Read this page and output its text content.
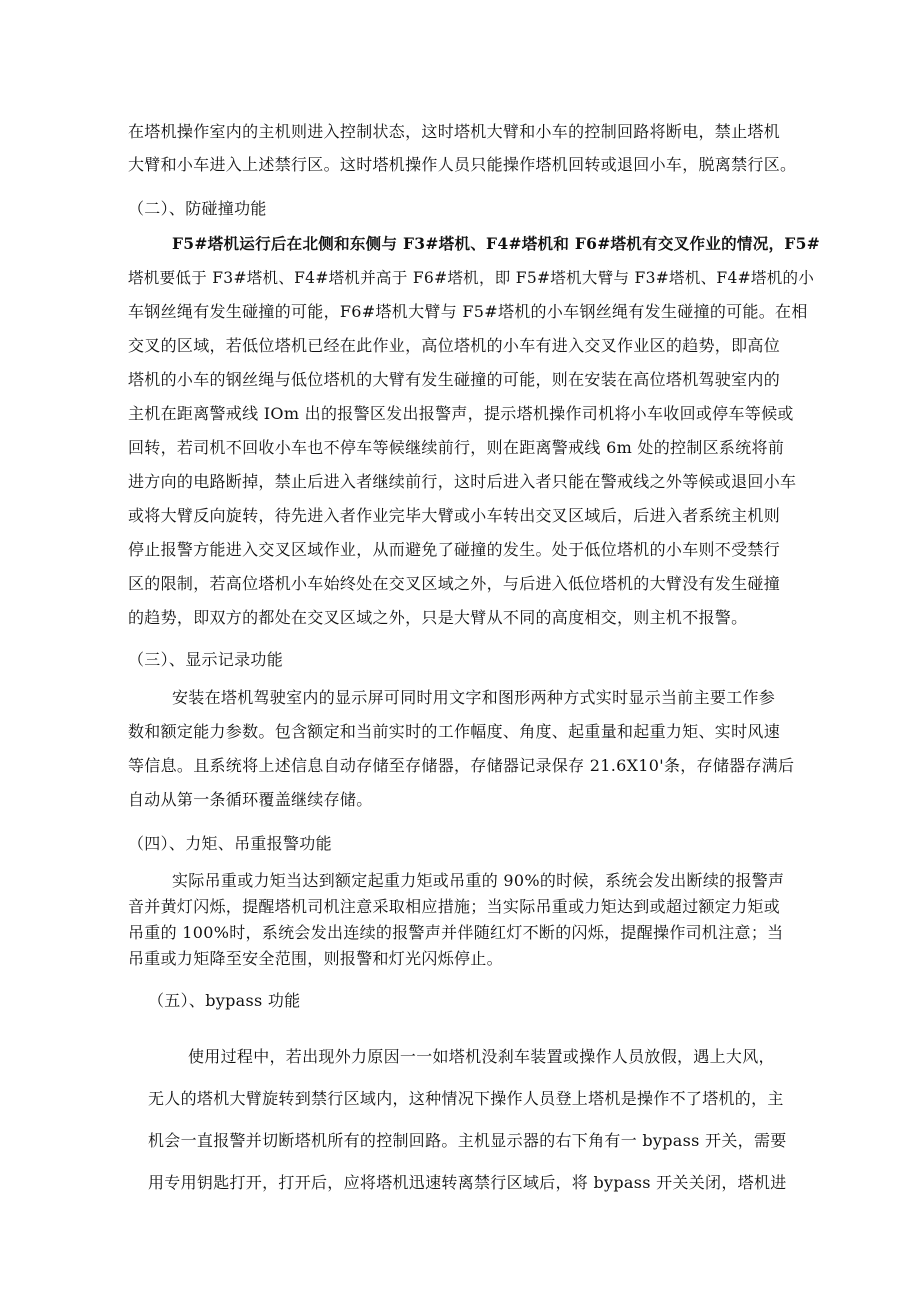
在塔机操作室内的主机则进入控制状态，这时塔机大臂和小车的控制回路将断电，禁止塔机
大臂和小车进入上述禁行区。这时塔机操作人员只能操作塔机回转或退回小车，脱离禁行区。
（二）、防碰撞功能
F5#塔机运行后在北侧和东侧与 F3#塔机、F4#塔机和 F6#塔机有交叉作业的情况，F5#
塔机要低于 F3#塔机、F4#塔机并高于 F6#塔机，即 F5#塔机大臂与 F3#塔机、F4#塔机的小
车钢丝绳有发生碰撞的可能，F6#塔机大臂与 F5#塔机的小车钢丝绳有发生碰撞的可能。在相
交叉的区域，若低位塔机已经在此作业，高位塔机的小车有进入交叉作业区的趋势，即高位
塔机的小车的钢丝绳与低位塔机的大臂有发生碰撞的可能，则在安装在高位塔机驾驶室内的
主机在距离警戒线 IOm 出的报警区发出报警声，提示塔机操作司机将小车收回或停车等候或
回转，若司机不回收小车也不停车等候继续前行，则在距离警戒线 6m 处的控制区系统将前
进方向的电路断掉，禁止后进入者继续前行，这时后进入者只能在警戒线之外等候或退回小车
或将大臂反向旋转，待先进入者作业完毕大臂或小车转出交叉区域后，后进入者系统主机则
停止报警方能进入交叉区域作业，从而避免了碰撞的发生。处于低位塔机的小车则不受禁行
区的限制，若高位塔机小车始终处在交叉区域之外，与后进入低位塔机的大臂没有发生碰撞
的趋势，即双方的都处在交叉区域之外，只是大臂从不同的高度相交，则主机不报警。
（三）、显示记录功能
安装在塔机驾驶室内的显示屏可同时用文字和图形两种方式实时显示当前主要工作参
数和额定能力参数。包含额定和当前实时的工作幅度、角度、起重量和起重力矩、实时风速
等信息。且系统将上述信息自动存储至存储器，存储器记录保存 21.6X10'条，存储器存满后
自动从第一条循环覆盖继续存储。
（四）、力矩、吊重报警功能
实际吊重或力矩当达到额定起重力矩或吊重的 90%的时候，系统会发出断续的报警声
音并黄灯闪烁，提醒塔机司机注意采取相应措施；当实际吊重或力矩达到或超过额定力矩或
吊重的 100%时，系统会发出连续的报警声并伴随红灯不断的闪烁，提醒操作司机注意；当
吊重或力矩降至安全范围，则报警和灯光闪烁停止。
（五）、bypass 功能
使用过程中，若出现外力原因一一如塔机没刹车装置或操作人员放假，遇上大风，
无人的塔机大臂旋转到禁行区域内，这种情况下操作人员登上塔机是操作不了塔机的，主
机会一直报警并切断塔机所有的控制回路。主机显示器的右下角有一 bypass 开关，需要
用专用钥匙打开，打开后，应将塔机迅速转离禁行区域后，将 bypass 开关关闭，塔机进
